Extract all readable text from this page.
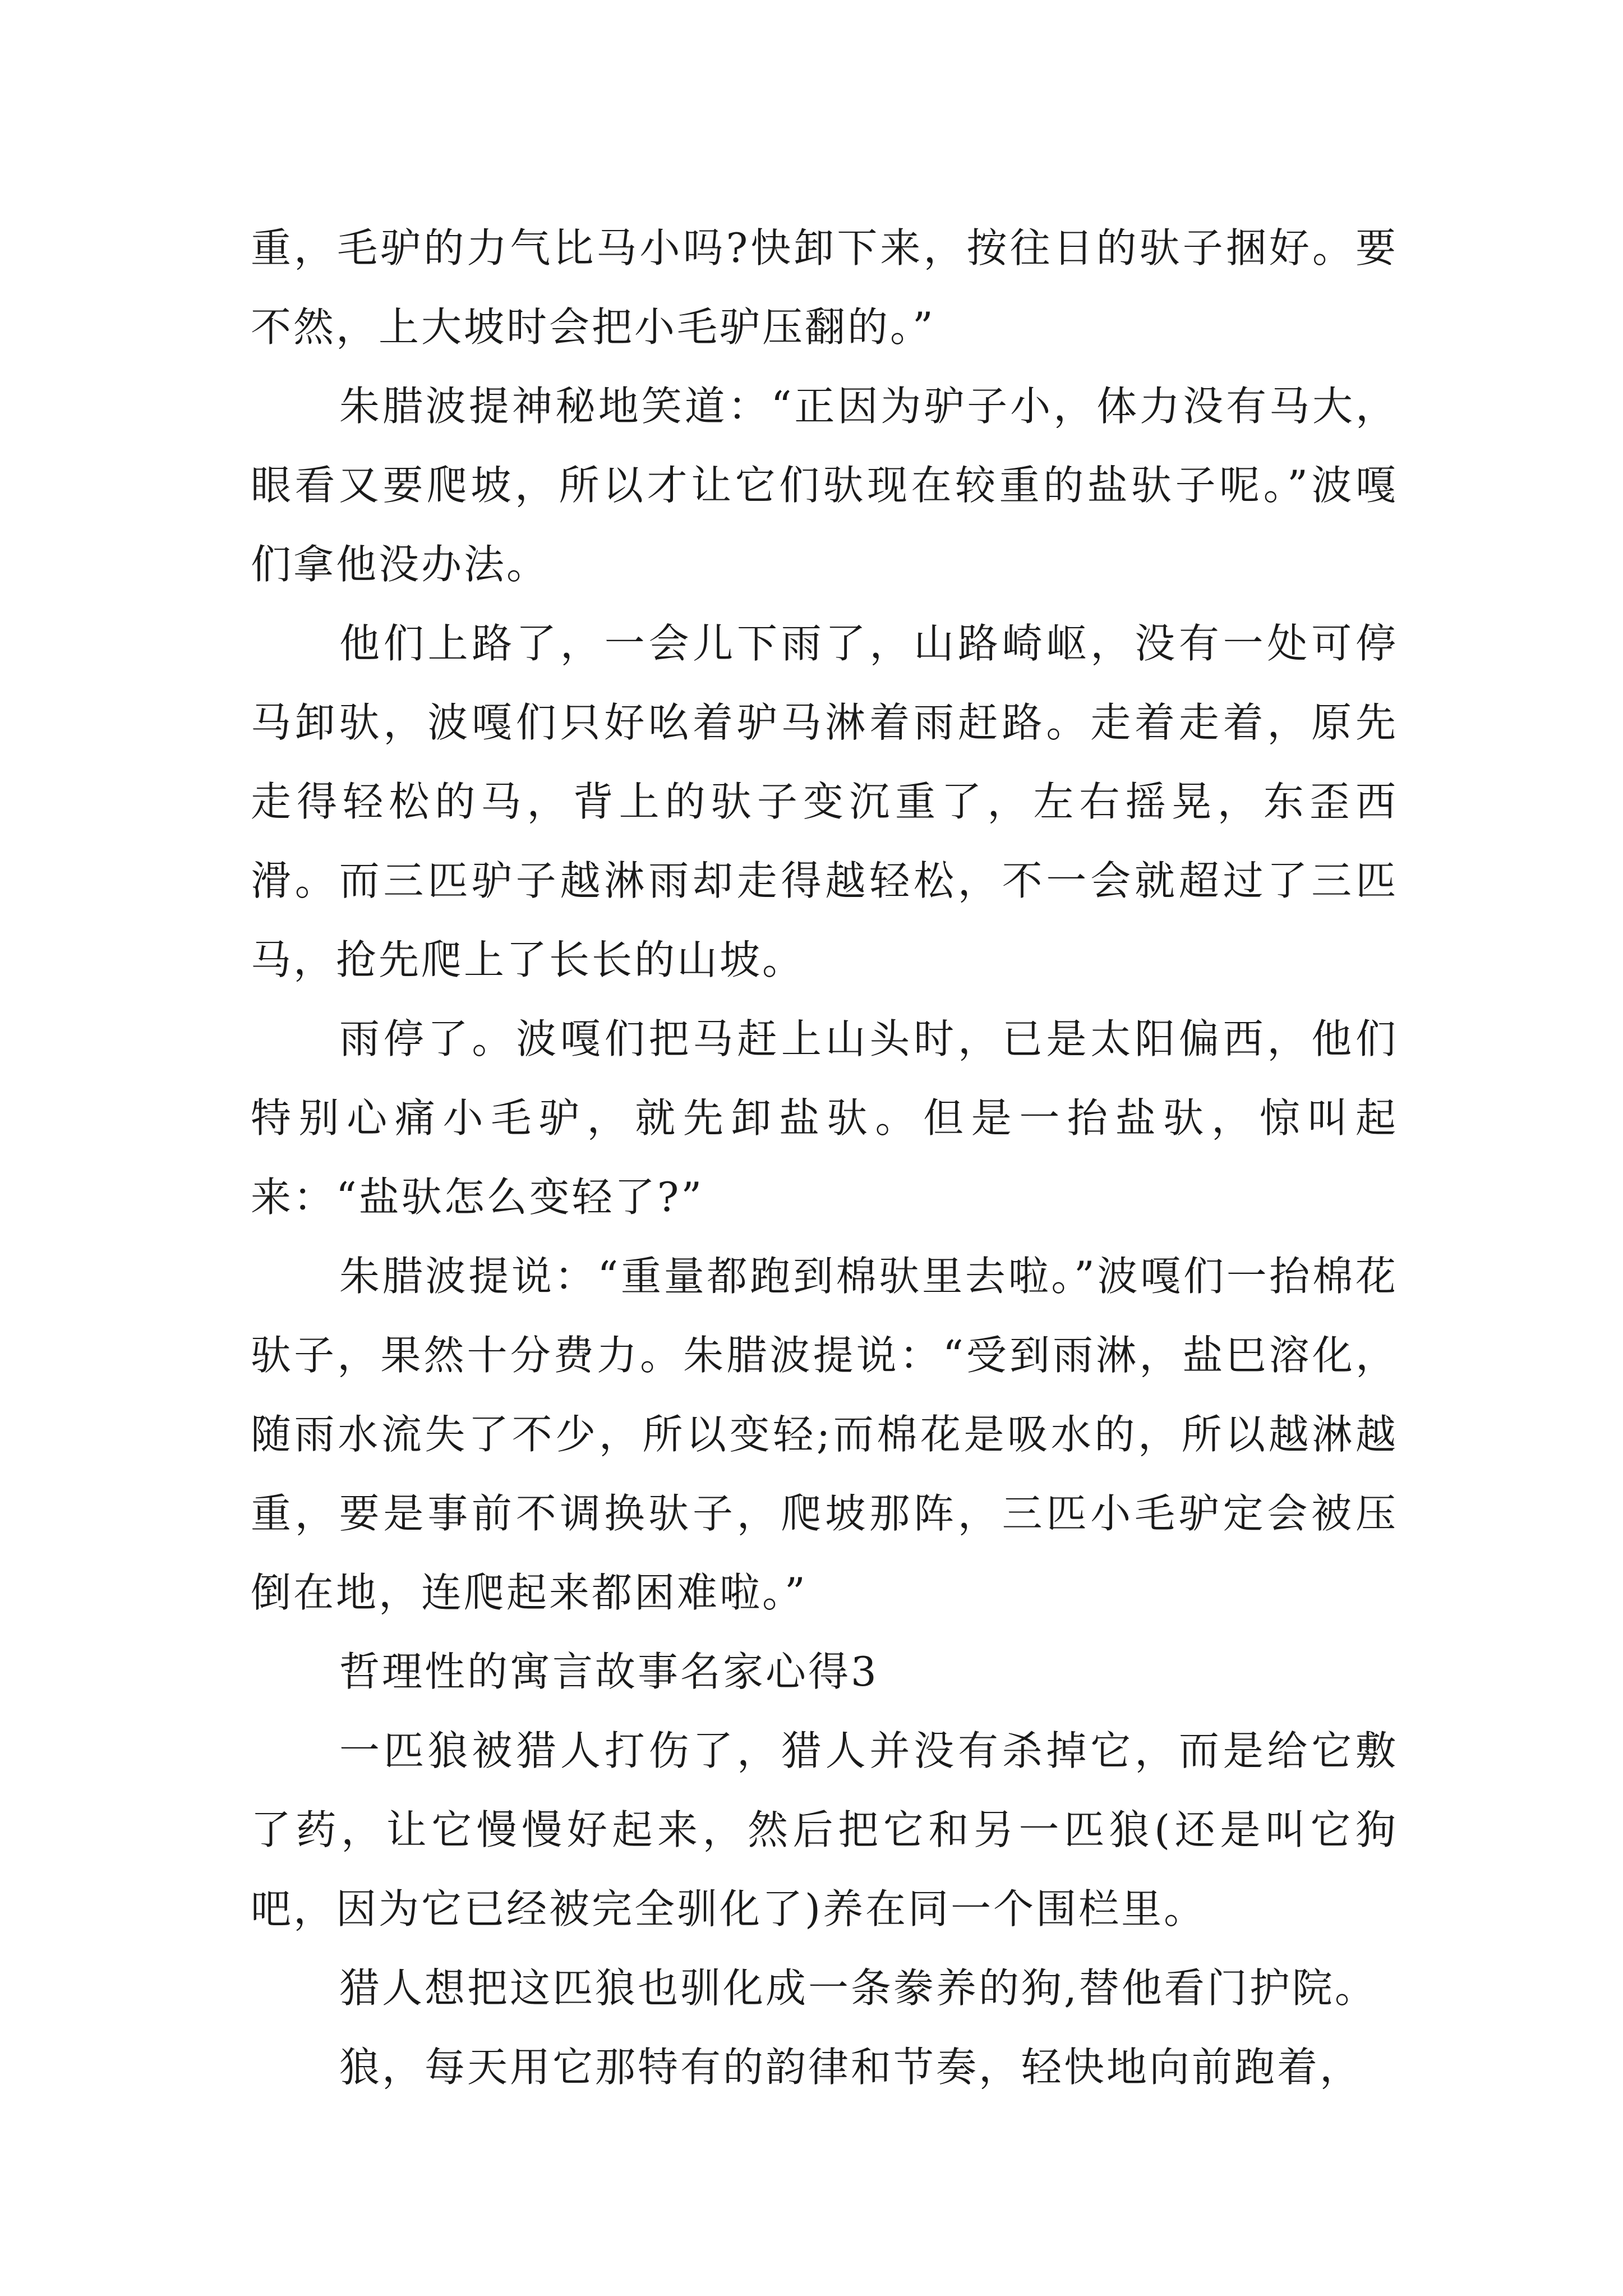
重，毛驴的力气比马小吗?快卸下来，按往日的驮子捆好。要不然，上大坡时会把小毛驴压翻的。”

朱腊波提神秘地笑道：“正因为驴子小，体力没有马大，眼看又要爬坡，所以才让它们驮现在较重的盐驮子呢。”波嘎们拿他没办法。

他们上路了，一会儿下雨了，山路崎岖，没有一处可停马卸驮，波嘎们只好吆着驴马淋着雨赶路。走着走着，原先走得轻松的马，背上的驮子变沉重了，左右摇晃，东歪西滑。而三匹驴子越淋雨却走得越轻松，不一会就超过了三匹马，抢先爬上了长长的山坡。

雨停了。波嘎们把马赶上山头时，已是太阳偏西，他们特别心痛小毛驴，就先卸盐驮。但是一抬盐驮，惊叫起来：“盐驮怎么变轻了?”

朱腊波提说：“重量都跑到棉驮里去啦。”波嘎们一抬棉花驮子，果然十分费力。朱腊波提说：“受到雨淋，盐巴溶化，随雨水流失了不少，所以变轻;而棉花是吸水的，所以越淋越重，要是事前不调换驮子，爬坡那阵，三匹小毛驴定会被压倒在地，连爬起来都困难啦。”

哲理性的寓言故事名家心得3

一匹狼被猎人打伤了，猎人并没有杀掉它，而是给它敷了药，让它慢慢好起来，然后把它和另一匹狼(还是叫它狗吧，因为它已经被完全驯化了)养在同一个围栏里。

猎人想把这匹狼也驯化成一条豢养的狗,替他看门护院。

狼，每天用它那特有的韵律和节奏，轻快地向前跑着，
